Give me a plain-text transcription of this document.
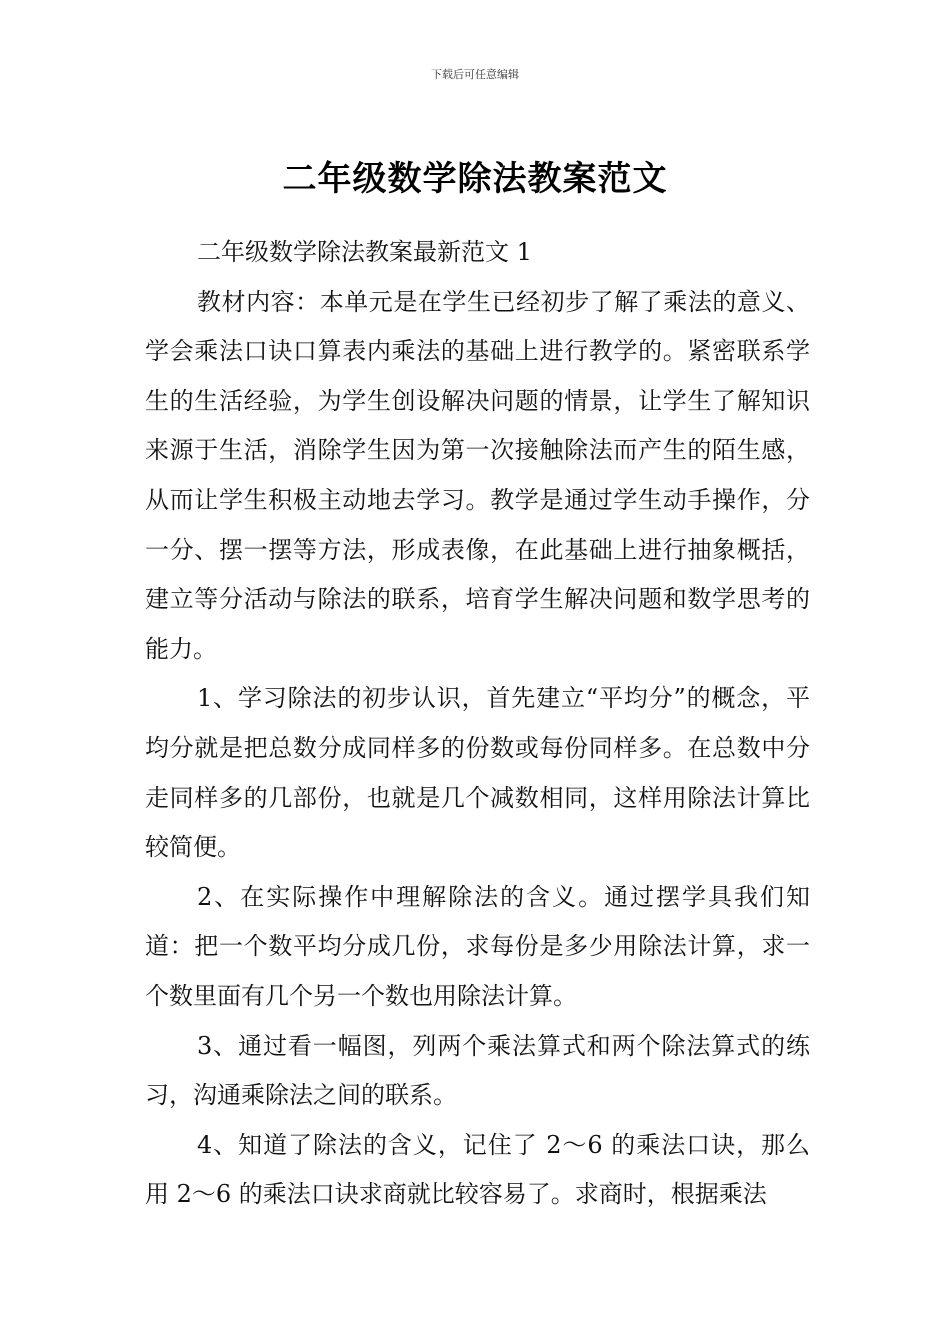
下载后可任意编辑
二年级数学除法教案范文

二年级数学除法教案最新范文 1

教材内容：本单元是在学生已经初步了解了乘法的意义、学会乘法口诀口算表内乘法的基础上进行教学的。紧密联系学生的生活经验，为学生创设解决问题的情景，让学生了解知识来源于生活，消除学生因为第一次接触除法而产生的陌生感，从而让学生积极主动地去学习。教学是通过学生动手操作，分一分、摆一摆等方法，形成表像，在此基础上进行抽象概括，建立等分活动与除法的联系，培育学生解决问题和数学思考的能力。

1、学习除法的初步认识，首先建立“平均分”的概念，平均分就是把总数分成同样多的份数或每份同样多。在总数中分走同样多的几部份，也就是几个减数相同，这样用除法计算比较简便。

2、在实际操作中理解除法的含义。通过摆学具我们知道：把一个数平均分成几份，求每份是多少用除法计算，求一个数里面有几个另一个数也用除法计算。

3、通过看一幅图，列两个乘法算式和两个除法算式的练习，沟通乘除法之间的联系。

4、知道了除法的含义，记住了 2～6 的乘法口诀，那么用 2～6 的乘法口诀求商就比较容易了。求商时，根据乘法
